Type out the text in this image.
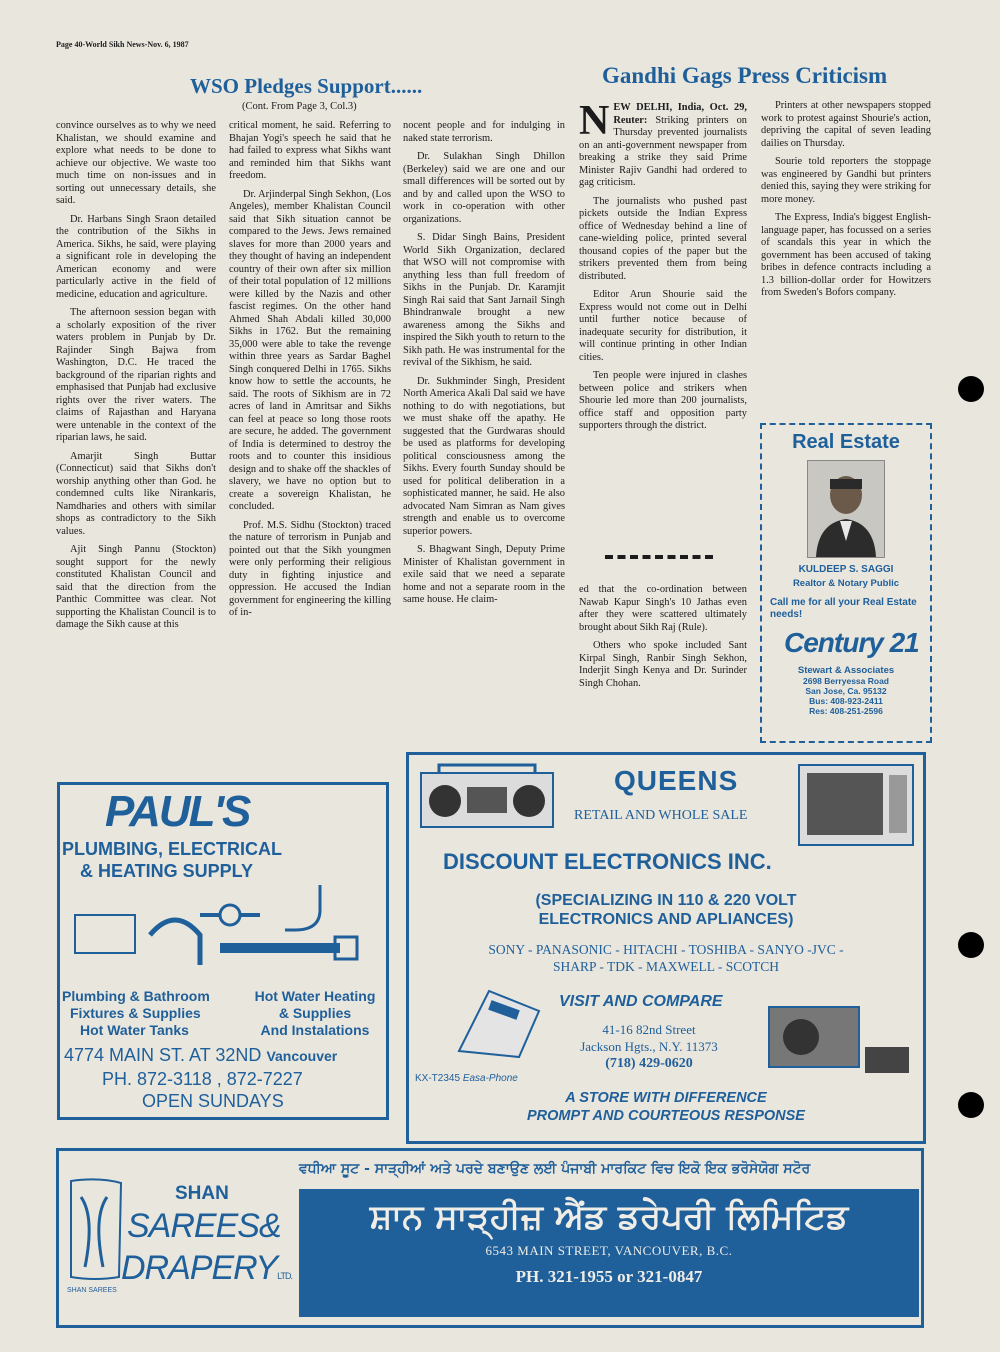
Page 40-World Sikh News-Nov. 6, 1987
WSO Pledges Support......
(Cont. From Page 3, Col.3)

convince ourselves as to why we need Khalistan, we should examine and explore what needs to be done to achieve our objective. We waste too much time on non-issues and in sorting out unnecessary details, she said.

Dr. Harbans Singh Sraon detailed the contribution of the Sikhs in America. Sikhs, he said, were playing a significant role in developing the American economy and were particularly active in the field of medicine, education and agriculture.

The afternoon session began with a scholarly exposition of the river waters problem in Punjab by Dr. Rajinder Singh Bajwa from Washington, D.C. He traced the background of the riparian rights and emphasised that Punjab had exclusive rights over the river waters. The claims of Rajasthan and Haryana were untenable in the context of the riparian laws, he said.

Amarjit Singh Buttar (Connecticut) said that Sikhs don't worship anything other than God. he condemned cults like Nirankaris, Namdharies and others with similar shops as contradictory to the Sikh values.

Ajit Singh Pannu (Stockton) sought support for the newly constituted Khalistan Council and said that the direction from the Panthic Committee was clear. Not supporting the Khalistan Council is to damage the Sikh cause at this

critical moment, he said. Referring to Bhajan Yogi's speech he said that he had failed to express what Sikhs want and reminded him that Sikhs want freedom.

Dr. Arjinderpal Singh Sekhon, (Los Angeles), member Khalistan Council said that Sikh situation cannot be compared to the Jews. Jews remained slaves for more than 2000 years and they thought of having an independent country of their own after six million of their total population of 12 millions were killed by the Nazis and other fascist regimes. On the other hand Ahmed Shah Abdali killed 30,000 Sikhs in 1762. But the remaining 35,000 were able to take the revenge within three years as Sardar Baghel Singh conquered Delhi in 1765. Sikhs know how to settle the accounts, he said. The roots of Sikhism are in 72 acres of land in Amritsar and Sikhs can feel at peace so long those roots are secure, he added. The government of India is determined to destroy the roots and to counter this insidious design and to shake off the shackles of slavery, we have no option but to create a sovereign Khalistan, he concluded.

Prof. M.S. Sidhu (Stockton) traced the nature of terrorism in Punjab and pointed out that the Sikh youngmen were only performing their religious duty in fighting injustice and oppression. He accused the Indian government for engineering the killing of in-

nocent people and for indulging in naked state terrorism.

Dr. Sulakhan Singh Dhillon (Berkeley) said we are one and our small differences will be sorted out by and by and called upon the WSO to work in co-operation with other organizations.

S. Didar Singh Bains, President World Sikh Organization, declared that WSO will not compromise with anything less than full freedom of Sikhs in the Punjab. Dr. Karamjit Singh Rai said that Sant Jarnail Singh Bhindranwale brought a new awareness among the Sikhs and inspired the Sikh youth to return to the Sikh path. He was instrumental for the revival of the Sikhism, he said.

Dr. Sukhminder Singh, President North America Akali Dal said we have nothing to do with negotiations, but we must shake off the apathy. He suggested that the Gurdwaras should be used as platforms for developing political consciousness among the Sikhs. Every fourth Sunday should be used for political deliberation in a sophisticated manner, he said. He also advocated Nam Simran as Nam gives strength and enable us to overcome superior powers.

S. Bhagwant Singh, Deputy Prime Minister of Khalistan government in exile said that we need a separate home and not a separate room in the same house. He claim-

Gandhi Gags Press Criticism

NEW DELHI, India, Oct. 29, Reuter: Striking printers on Thursday prevented journalists on an anti-government newspaper from breaking a strike they said Prime Minister Rajiv Gandhi had ordered to gag criticism.

The journalists who pushed past pickets outside the Indian Express office of Wednesday behind a line of cane-wielding police, printed several thousand copies of the paper but the strikers prevented them from being distributed.

Editor Arun Shourie said the Express would not come out in Delhi until further notice because of inadequate security for distribution, it will continue printing in other Indian cities.

Ten people were injured in clashes between police and strikers when Shourie led more than 200 journalists, office staff and opposition party supporters through the district.

Printers at other newspapers stopped work to protest against Shourie's action, depriving the capital of seven leading dailies on Thursday.

Sourie told reporters the stoppage was engineered by Gandhi but printers denied this, saying they were striking for more money.

The Express, India's biggest English-language paper, has focussed on a series of scandals this year in which the government has been accused of taking bribes in defence contracts including a 1.3 billion-dollar order for Howitzers from Sweden's Bofors company.

ed that the co-ordination between Nawab Kapur Singh's 10 Jathas even after they were scattered ultimately brought about Sikh Raj (Rule).

Others who spoke included Sant Kirpal Singh, Ranbir Singh Sekhon, Inderjit Singh Kenya and Dr. Surinder Singh Chohan.

Real Estate
KULDEEP S. SAGGI
Realtor & Notary Public
Call me for all your Real Estate needs!
Century 21
Stewart & Associates
2698 Berryessa Road
San Jose, Ca. 95132
Bus: 408-923-2411
Res: 408-251-2596
PAUL'S
PLUMBING, ELECTRICAL
& HEATING SUPPLY
Plumbing & Bathroom
Fixtures & Supplies
Hot Water Tanks
Hot Water Heating
& Supplies
And Instalations
4774 MAIN ST. AT 32ND Vancouver
PH. 872-3118 , 872-7227
OPEN SUNDAYS
QUEENS
RETAIL AND WHOLE SALE
DISCOUNT ELECTRONICS INC.
(SPECIALIZING IN 110 & 220 VOLT
ELECTRONICS AND APLIANCES)
SONY - PANASONIC - HITACHI - TOSHIBA - SANYO -JVC -
SHARP - TDK - MAXWELL - SCOTCH
KX-T2345 Easa-Phone
VISIT AND COMPARE
41-16 82nd Street
Jackson Hgts., N.Y. 11373
(718) 429-0620
A STORE WITH DIFFERENCE
PROMPT AND COURTEOUS RESPONSE
ਵਧੀਆ ਸੂਟ - ਸਾੜ੍ਹੀਆਂ ਅਤੇ ਪਰਦੇ ਬਣਾਉਣ ਲਈ ਪੰਜਾਬੀ ਮਾਰਕਿਟ ਵਿਚ ਇਕੋ ਇਕ ਭਰੋਸੇਯੋਗ ਸਟੋਰ
SHAN SAREES
SHAN
SAREES&
DRAPERYLTD.
ਸ਼ਾਨ ਸਾੜ੍ਹੀਜ਼ ਐਂਡ ਡਰੇਪਰੀ ਲਿਮਿਟਿਡ
6543 MAIN STREET, VANCOUVER, B.C.
PH. 321-1955 or 321-0847
